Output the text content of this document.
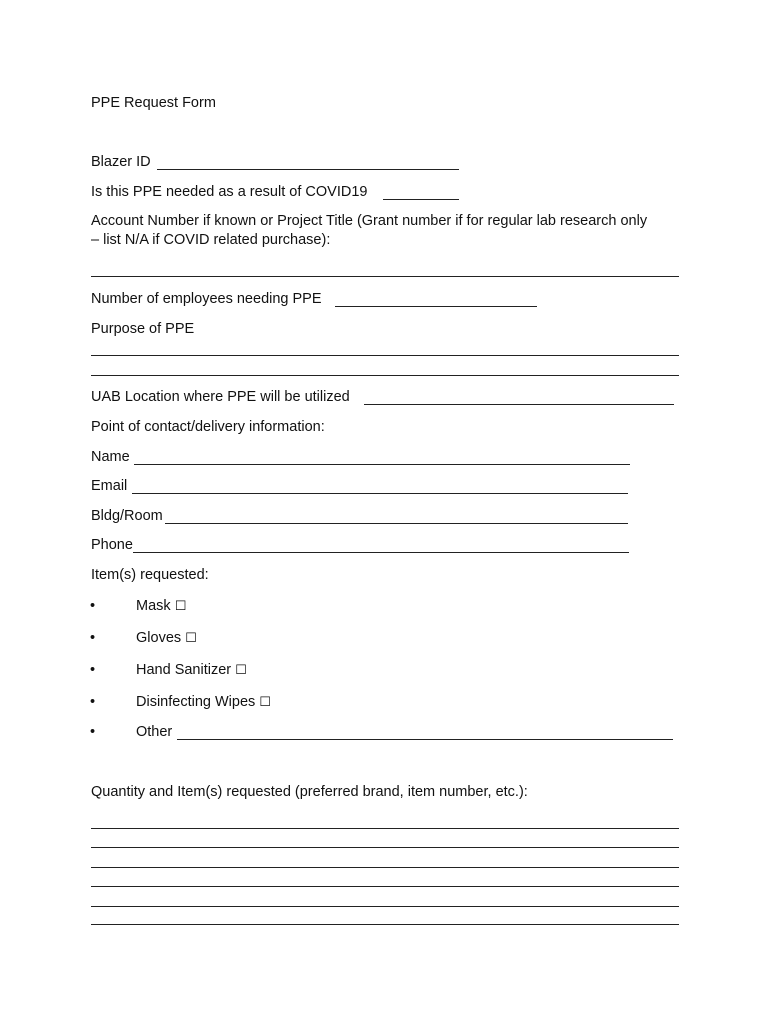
PPE Request Form
Blazer ID
Is this PPE needed as a result of COVID19
Account Number if known or Project Title (Grant number if for regular lab research only
– list N/A if COVID related purchase):
Number of employees needing PPE
Purpose of PPE
UAB Location where PPE will be utilized
Point of contact/delivery information:
Name
Email
Bldg/Room
Phone
Item(s) requested:
•	Mask ☐
•	Gloves ☐
•	Hand Sanitizer ☐
•	Disinfecting Wipes ☐
•	Other
Quantity and Item(s) requested (preferred brand, item number, etc.):
